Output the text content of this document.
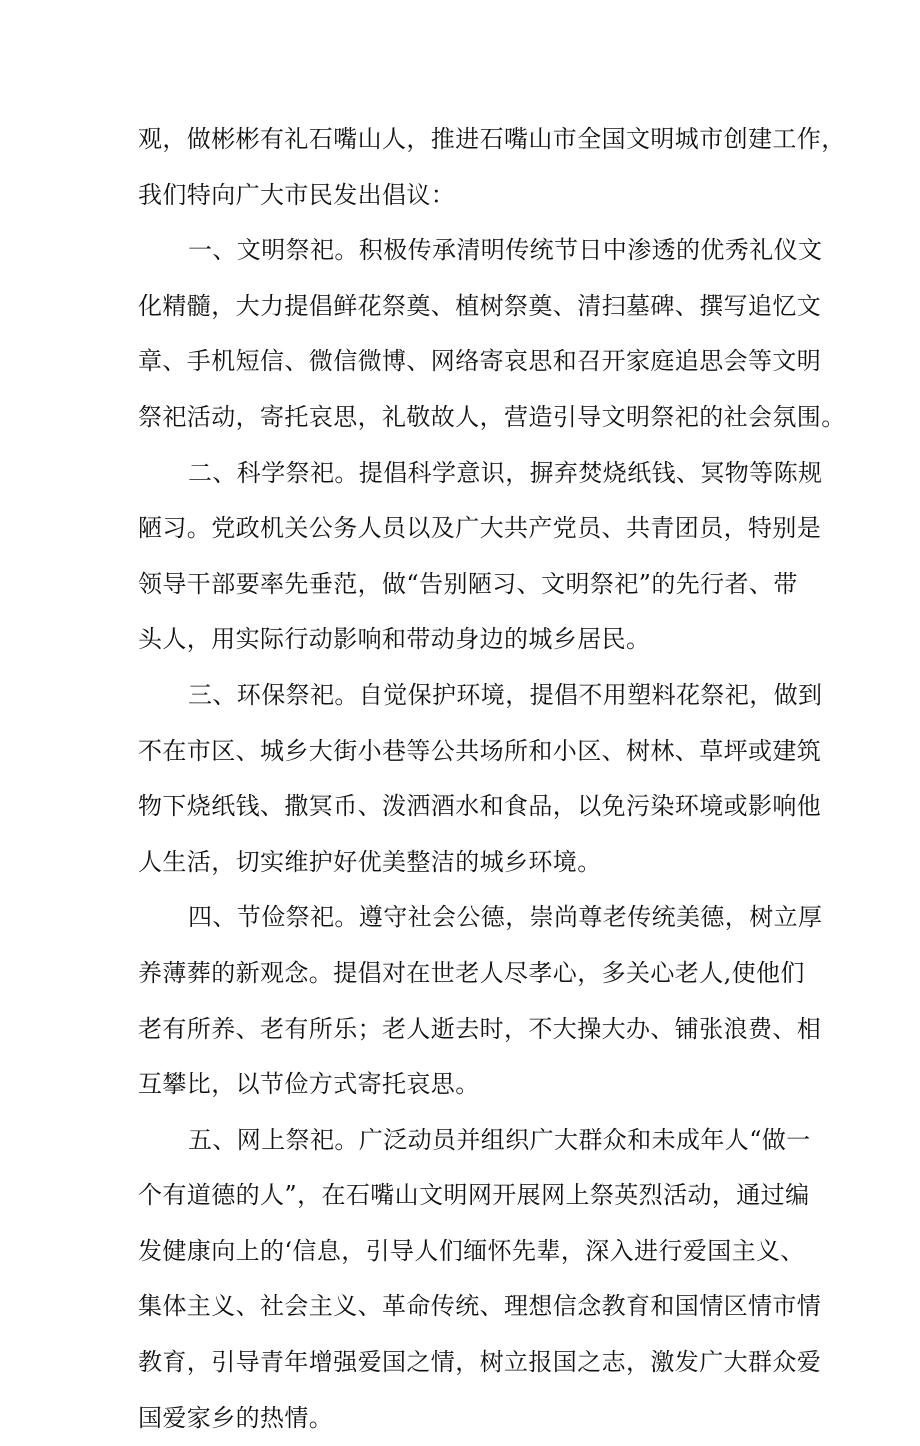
观，做彬彬有礼石嘴山人，推进石嘴山市全国文明城市创建工作，
我们特向广大市民发出倡议：
一、文明祭祀。积极传承清明传统节日中渗透的优秀礼仪文
化精髓，大力提倡鲜花祭奠、植树祭奠、清扫墓碑、撰写追忆文
章、手机短信、微信微博、网络寄哀思和召开家庭追思会等文明
祭祀活动，寄托哀思，礼敬故人，营造引导文明祭祀的社会氛围。
二、科学祭祀。提倡科学意识，摒弃焚烧纸钱、冥物等陈规
陋习。党政机关公务人员以及广大共产党员、共青团员，特别是
领导干部要率先垂范，做“告别陋习、文明祭祀”的先行者、带
头人，用实际行动影响和带动身边的城乡居民。
三、环保祭祀。自觉保护环境，提倡不用塑料花祭祀，做到
不在市区、城乡大街小巷等公共场所和小区、树林、草坪或建筑
物下烧纸钱、撒冥币、泼洒酒水和食品，以免污染环境或影响他
人生活，切实维护好优美整洁的城乡环境。
四、节俭祭祀。遵守社会公德，崇尚尊老传统美德，树立厚
养薄葬的新观念。提倡对在世老人尽孝心，多关心老人,使他们
老有所养、老有所乐；老人逝去时，不大操大办、铺张浪费、相
互攀比，以节俭方式寄托哀思。
五、网上祭祀。广泛动员并组织广大群众和未成年人“做一
个有道德的人”，在石嘴山文明网开展网上祭英烈活动，通过编
发健康向上的‘信息，引导人们缅怀先辈，深入进行爱国主义、
集体主义、社会主义、革命传统、理想信念教育和国情区情市情
教育，引导青年增强爱国之情，树立报国之志，激发广大群众爱
国爱家乡的热情。
